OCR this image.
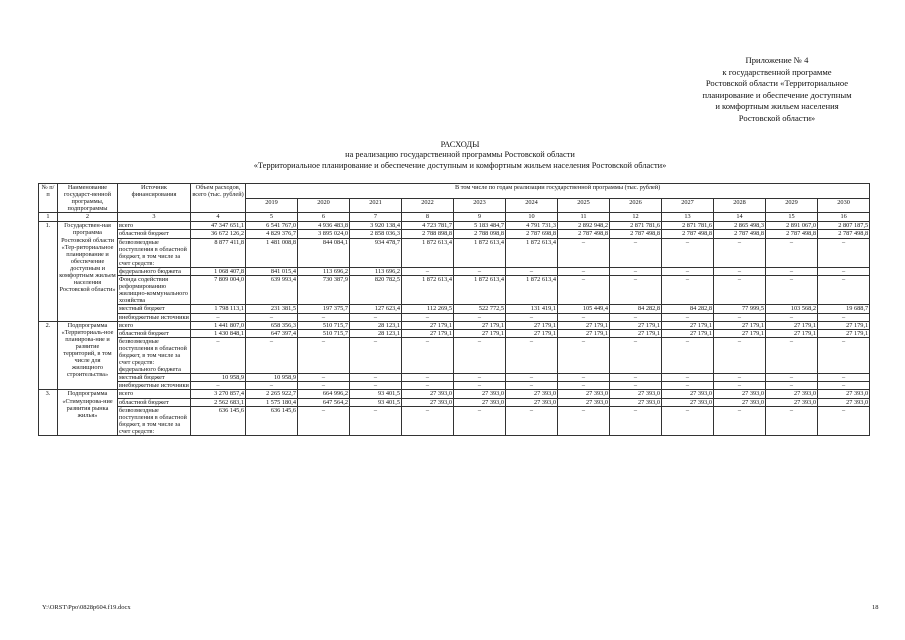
Приложение № 4
к государственной программе
Ростовской области «Территориальное
планирование и обеспечение доступным
и комфортным жильем населения
Ростовской области»
РАСХОДЫ
на реализацию государственной программы Ростовской области
«Территориальное планирование и обеспечение доступным и комфортным жильем населения Ростовской области»
№ п/п	Наименование государст-венной программы, подпрограммы	Источник финансирования	Объем расходов, всего (тыс. рублей)	В том числе по годам реализации государственной программы (тыс. рублей)											
				2019	2020	2021	2022	2023	2024	2025	2026	2027	2028	2029	2030
1	2	3	4	5	6	7	8	9	10	11	12	13	14	15	16
1.	Государствен-ная программа Ростовской области «Тер-риториальное планирование и обеспечение доступным и комфортным жильем населения Ростовской области»	всего	47 347 651,1	6 541 767,0	4 936 483,8	3 920 138,4	4 723 781,7	5 183 484,7	4 791 731,3	2 892 948,2	2 871 781,6	2 871 781,6	2 865 498,3	2 891 067,0	2 807 187,5
		областной бюджет	36 672 126,2	4 829 376,7	3 895 024,0	2 858 036,3	2 788 898,8	2 788 098,8	2 787 698,8	2 787 498,8	2 787 498,8	2 787 498,8	2 787 498,8	2 787 498,8	2 787 498,8
		безвозмездные поступления в областной бюджет, в том числе за счет средств:	8 877 411,8	1 481 008,8	844 084,1	934 478,7	1 872 613,4	1 872 613,4	1 872 613,4	–	–	–	–	–	–
		федерального бюджета	1 068 407,8	841 015,4	113 696,2	113 696,2	–	–	–	–	–	–	–	–	–
		Фонда содействия реформированию жилищно-коммунального хозяйства	7 809 004,0	639 993,4	730 387,9	820 782,5	1 872 613,4	1 872 613,4	1 872 613,4	–	–	–	–	–	–
		местный бюджет	1 798 113,1	231 381,5	197 375,7	127 623,4	112 269,5	522 772,5	131 419,1	105 449,4	84 282,8	84 282,8	77 999,5	103 568,2	19 688,7
		внебюджетные источники	–	–	–	–	–	–	–	–	–	–	–	–	–
2.	Подпрограмма «Территориаль-ное планирова-ние и развитие территорий, в том числе для жилищного строительства»	всего	1 441 807,0	658 356,3	510 715,7	28 123,1	27 179,1	27 179,1	27 179,1	27 179,1	27 179,1	27 179,1	27 179,1	27 179,1	27 179,1
		областной бюджет	1 430 848,1	647 397,4	510 715,7	28 123,1	27 179,1	27 179,1	27 179,1	27 179,1	27 179,1	27 179,1	27 179,1	27 179,1	27 179,1
		безвозмездные поступления в областной бюджет, в том числе за счет средств: федерального бюджета	–	–	–	–	–	–	–	–	–	–	–	–	–
		местный бюджет	10 958,9	10 958,9	–	–	–	–	–	–	–	–	–	–	–
		внебюджетные источники	–	–	–	–	–	–	–	–	–	–	–	–	–
3.	Подпрограмма «Стимулирова-ние развития рынка жилья»	всего	3 270 857,4	2 265 922,7	664 996,2	93 401,5	27 393,0	27 393,0	27 393,0	27 393,0	27 393,0	27 393,0	27 393,0	27 393,0	27 393,0
		областной бюджет	2 562 683,1	1 575 180,4	647 564,2	93 401,5	27 393,0	27 393,0	27 393,0	27 393,0	27 393,0	27 393,0	27 393,0	27 393,0	27 393,0
		безвозмездные поступления в областной бюджет, в том числе за счет средств:	636 145,6	636 145,6	–	–	–	–	–	–	–	–	–	–	–
Y:\ORST\Ppo\0828p604.f19.docx	18
